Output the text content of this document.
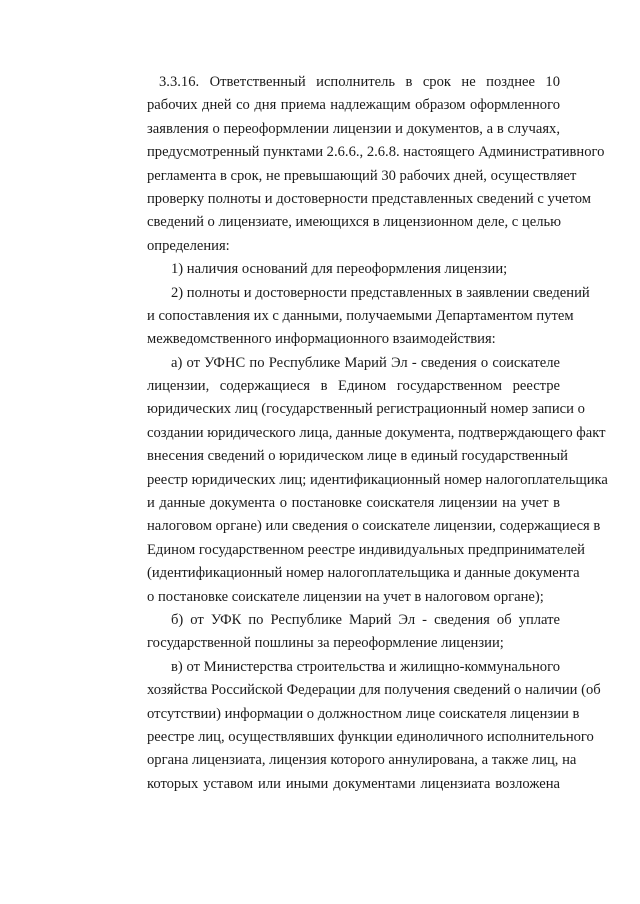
3.3.16. Ответственный исполнитель в срок не позднее 10
рабочих дней со дня приема надлежащим образом оформленного
заявления о переоформлении лицензии и документов, а в случаях,
предусмотренный пунктами 2.6.6., 2.6.8. настоящего Административного
регламента в срок, не превышающий 30 рабочих дней, осуществляет
проверку полноты и достоверности представленных сведений с учетом
сведений о лицензиате, имеющихся в лицензионном деле, с целью
определения:
1) наличия оснований для переоформления лицензии;
2) полноты и достоверности представленных в заявлении сведений
и сопоставления их с данными, получаемыми Департаментом путем
межведомственного информационного взаимодействия:
а) от УФНС по Республике Марий Эл - сведения о соискателе
лицензии, содержащиеся в Едином государственном реестре
юридических лиц (государственный регистрационный номер записи о
создании юридического лица, данные документа, подтверждающего факт
внесения сведений о юридическом лице в единый государственный
реестр юридических лиц; идентификационный номер налогоплательщика
и данные документа о постановке соискателя лицензии на учет в
налоговом органе) или сведения о соискателе лицензии, содержащиеся в
Едином государственном реестре индивидуальных предпринимателей
(идентификационный номер налогоплательщика и данные документа
о постановке соискателе лицензии на учет в налоговом органе);
б) от УФК по Республике Марий Эл - сведения об уплате
государственной пошлины за переоформление лицензии;
в) от Министерства строительства и жилищно-коммунального
хозяйства Российской Федерации для получения сведений о наличии (об
отсутствии) информации о должностном лице соискателя лицензии в
реестре лиц, осуществлявших функции единоличного исполнительного
органа лицензиата, лицензия которого аннулирована, а также лиц, на
которых уставом или иными документами лицензиата возложена
